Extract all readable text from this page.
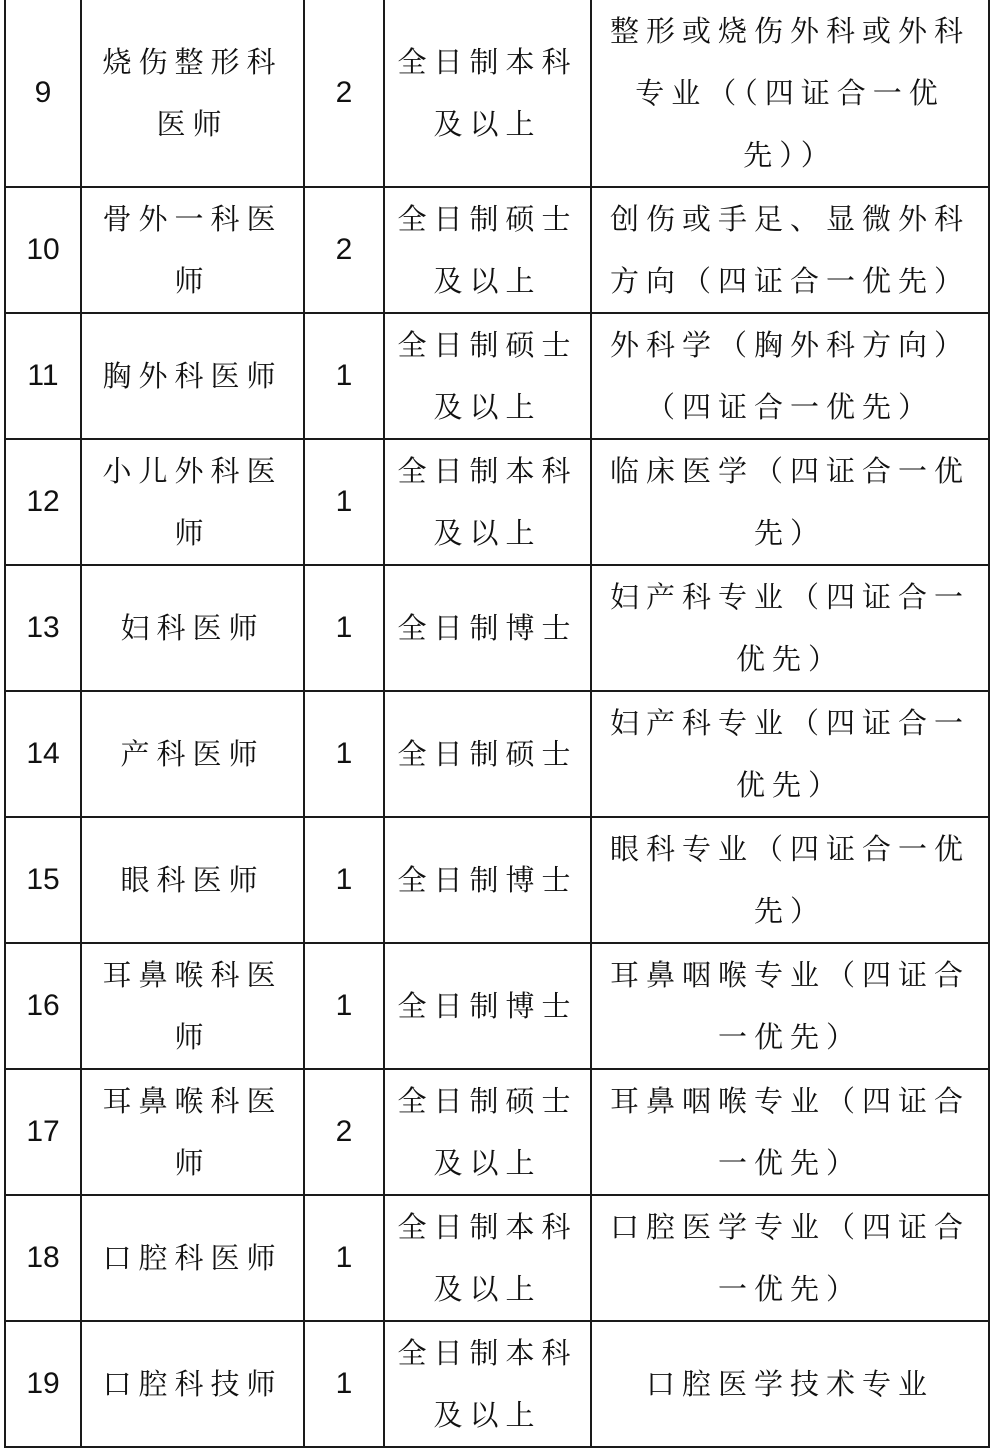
9	烧伤整形科医师	2	全日制本科及以上	整形或烧伤外科或外科专业（（四证合一优先））
10	骨外一科医师	2	全日制硕士及以上	创伤或手足、显微外科方向（四证合一优先）
11	胸外科医师	1	全日制硕士及以上	外科学（胸外科方向）（四证合一优先）
12	小儿外科医师	1	全日制本科及以上	临床医学（四证合一优先）
13	妇科医师	1	全日制博士	妇产科专业（四证合一优先）
14	产科医师	1	全日制硕士	妇产科专业（四证合一优先）
15	眼科医师	1	全日制博士	眼科专业（四证合一优先）
16	耳鼻喉科医师	1	全日制博士	耳鼻咽喉专业（四证合一优先）
17	耳鼻喉科医师	2	全日制硕士及以上	耳鼻咽喉专业（四证合一优先）
18	口腔科医师	1	全日制本科及以上	口腔医学专业（四证合一优先）
19	口腔科技师	1	全日制本科及以上	口腔医学技术专业
